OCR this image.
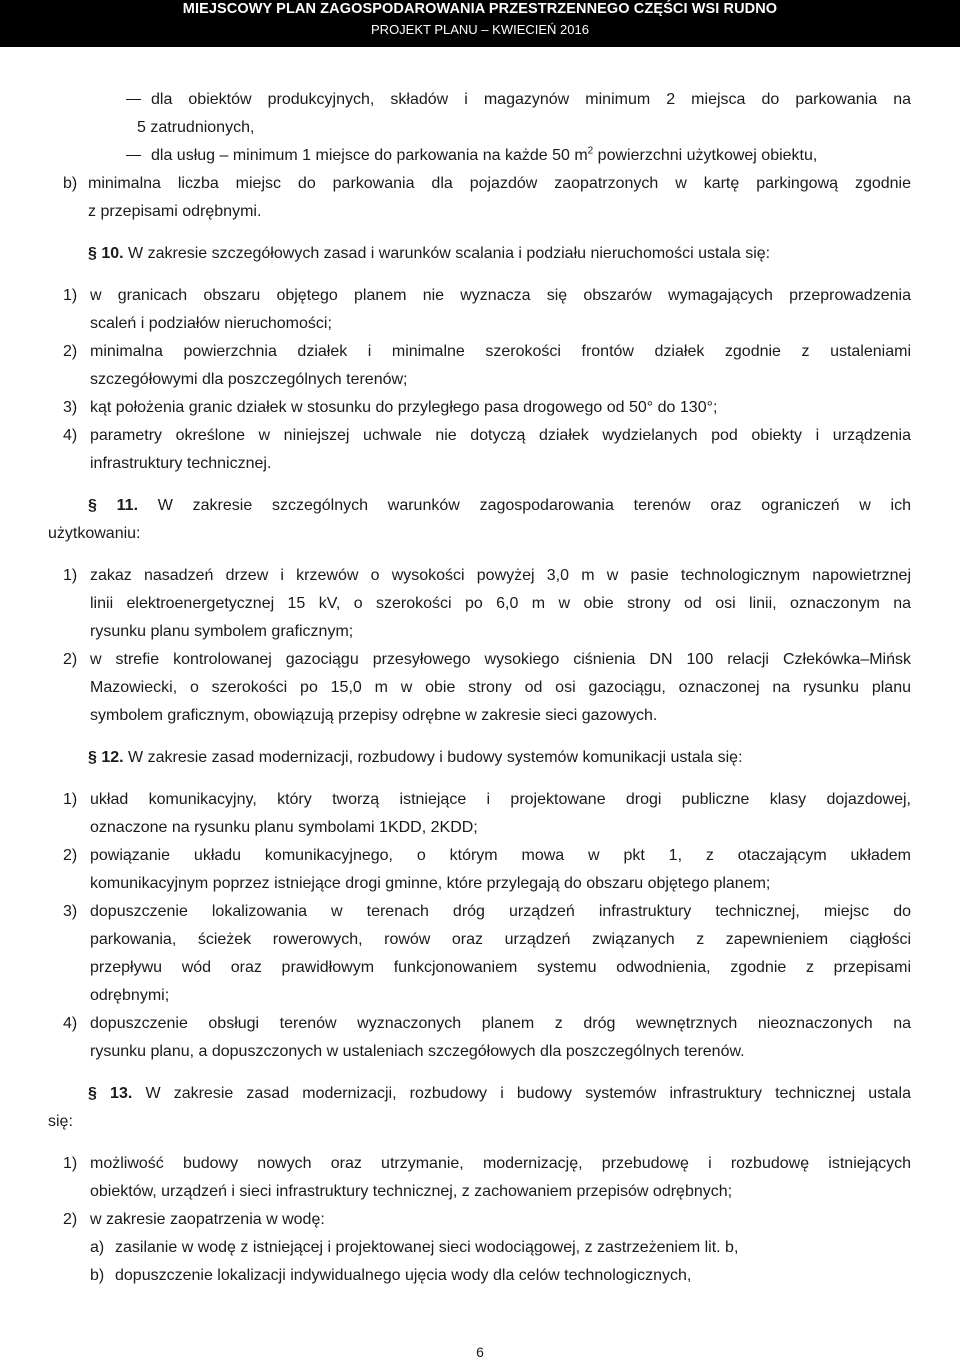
MIEJSCOWY PLAN ZAGOSPODAROWANIA PRZESTRZENNEGO CZĘŚCI WSI RUDNO
PROJEKT PLANU – KWIECIEŃ 2016
dla obiektów produkcyjnych, składów i magazynów minimum 2 miejsca do parkowania na
5 zatrudnionych,
dla usług – minimum 1 miejsce do parkowania na każde 50 $m^2$ powierzchni użytkowej obiektu,
b) minimalna liczba miejsc do parkowania dla pojazdów zaopatrzonych w kartę parkingową zgodnie
z przepisami odrębnymi.
§ 10. W zakresie szczegółowych zasad i warunków scalania i podziału nieruchomości ustala się:
1) w granicach obszaru objętego planem nie wyznacza się obszarów wymagających przeprowadzenia
scaleń i podziałów nieruchomości;
2) minimalna powierzchnia działek i minimalne szerokości frontów działek zgodnie z ustaleniami
szczegółowymi dla poszczególnych terenów;
3) kąt położenia granic działek w stosunku do przyległego pasa drogowego od 50° do 130°;
4) parametry określone w niniejszej uchwale nie dotyczą działek wydzielanych pod obiekty i urządzenia
infrastruktury technicznej.
§ 11. W zakresie szczególnych warunków zagospodarowania terenów oraz ograniczeń w ich
użytkowaniu:
1) zakaz nasadzeń drzew i krzewów o wysokości powyżej 3,0 m w pasie technologicznym napowietrznej
linii elektroenergetycznej 15 kV, o szerokości po 6,0 m w obie strony od osi linii, oznaczonym na
rysunku planu symbolem graficznym;
2) w strefie kontrolowanej gazociągu przesyłowego wysokiego ciśnienia DN 100 relacji Człekówka–Mińsk
Mazowiecki, o szerokości po 15,0 m w obie strony od osi gazociągu, oznaczonej na rysunku planu
symbolem graficznym, obowiązują przepisy odrębne w zakresie sieci gazowych.
§ 12. W zakresie zasad modernizacji, rozbudowy i budowy systemów komunikacji ustala się:
1) układ komunikacyjny, który tworzą istniejące i projektowane drogi publiczne klasy dojazdowej,
oznaczone na rysunku planu symbolami 1KDD, 2KDD;
2) powiązanie układu komunikacyjnego, o którym mowa w pkt 1, z otaczającym układem
komunikacyjnym poprzez istniejące drogi gminne, które przylegają do obszaru objętego planem;
3) dopuszczenie lokalizowania w terenach dróg urządzeń infrastruktury technicznej, miejsc do
parkowania, ścieżek rowerowych, rowów oraz urządzeń związanych z zapewnieniem ciągłości
przepływu wód oraz prawidłowym funkcjonowaniem systemu odwodnienia, zgodnie z przepisami
odrębnymi;
4) dopuszczenie obsługi terenów wyznaczonych planem z dróg wewnętrznych nieoznaczonych na
rysunku planu, a dopuszczonych w ustaleniach szczegółowych dla poszczególnych terenów.
§ 13. W zakresie zasad modernizacji, rozbudowy i budowy systemów infrastruktury technicznej ustala
się:
1) możliwość budowy nowych oraz utrzymanie, modernizację, przebudowę i rozbudowę istniejących
obiektów, urządzeń i sieci infrastruktury technicznej, z zachowaniem przepisów odrębnych;
2) w zakresie zaopatrzenia w wodę:
a) zasilanie w wodę z istniejącej i projektowanej sieci wodociągowej, z zastrzeżeniem lit. b,
b) dopuszczenie lokalizacji indywidualnego ujęcia wody dla celów technologicznych,
6
